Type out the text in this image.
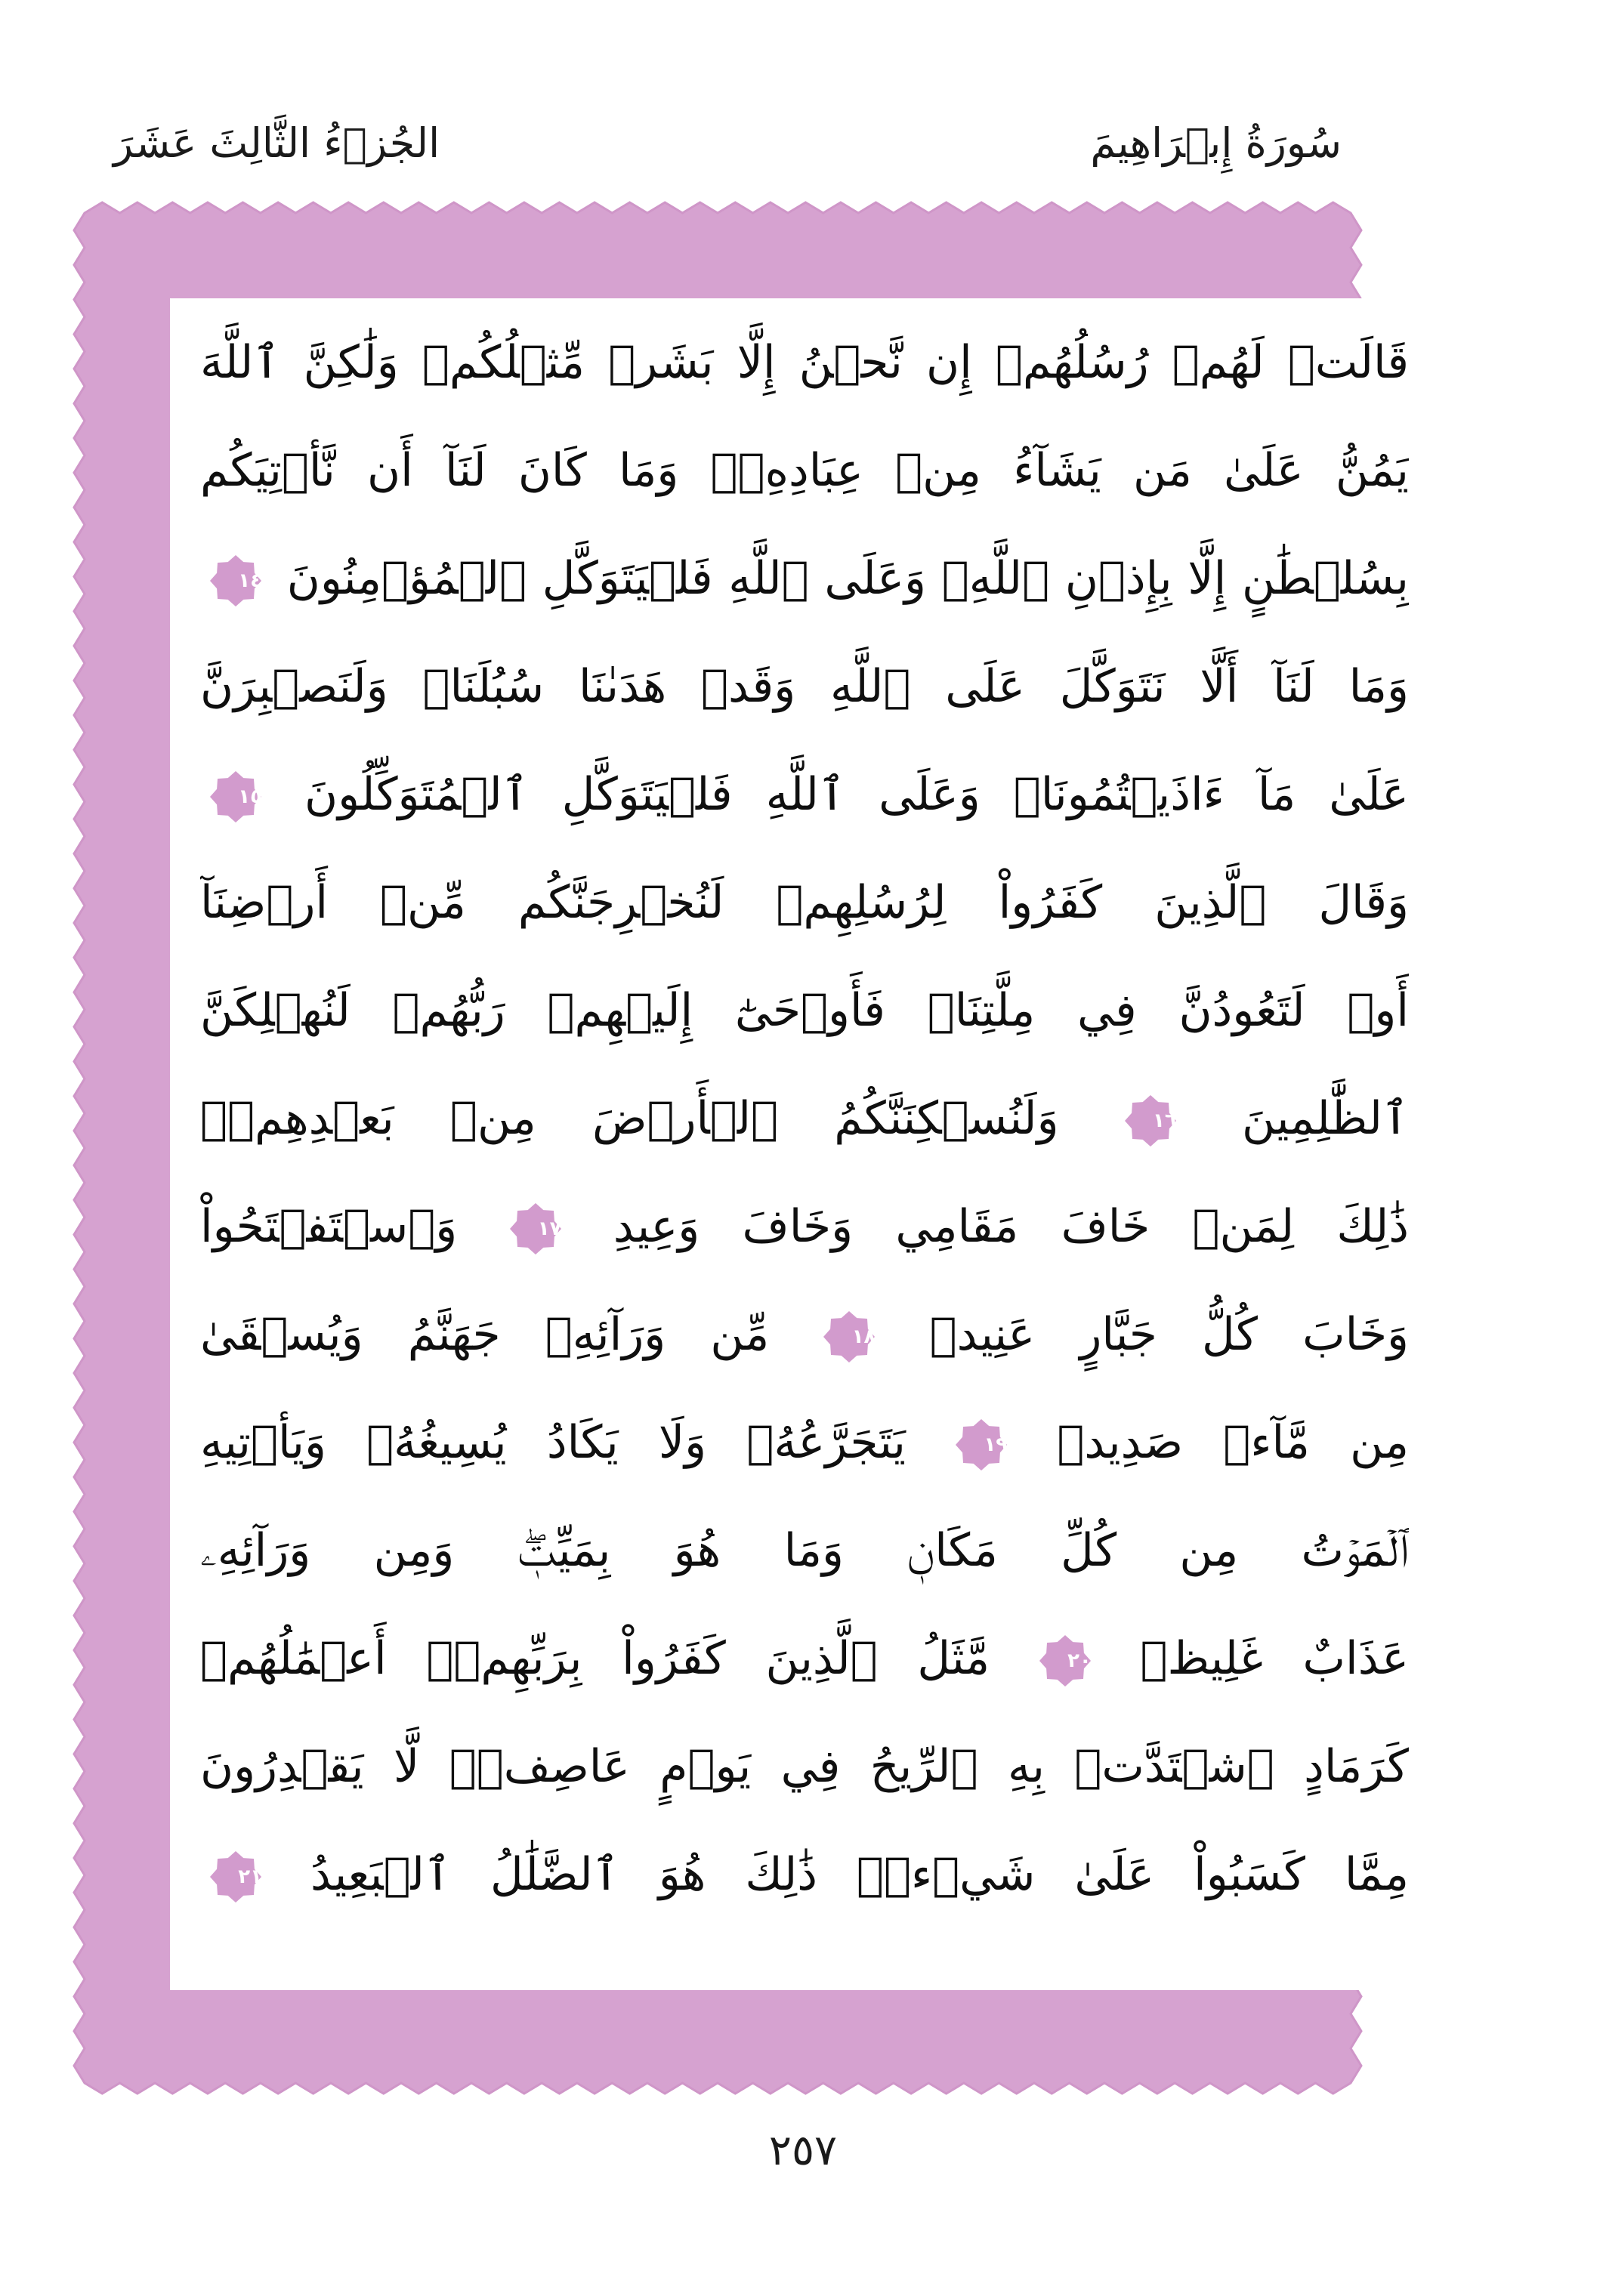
سُورَةُ إِبۡرَاهِيمَ
الجُزۡءُ الثَّالِثَ عَشَرَ
قَالَتۡ لَهُمۡ رُسُلُهُمۡ إِن نَّحۡنُ إِلَّا بَشَرٞ مِّثۡلُكُمۡ وَلَٰكِنَّ ٱللَّهَ
يَمُنُّ عَلَىٰ مَن يَشَآءُ مِنۡ عِبَادِهِۦۖ وَمَا كَانَ لَنَآ أَن نَّأۡتِيَكُم
بِسُلۡطَٰنٍ إِلَّا بِإِذۡنِ ٱللَّهِۚ وَعَلَى ٱللَّهِ فَلۡيَتَوَكَّلِ ٱلۡمُؤۡمِنُونَ
١٤
وَمَا لَنَآ أَلَّا نَتَوَكَّلَ عَلَى ٱللَّهِ وَقَدۡ هَدَىٰنَا سُبُلَنَاۚ وَلَنَصۡبِرَنَّ
عَلَىٰ مَآ ءَاذَيۡتُمُونَاۚ وَعَلَى ٱللَّهِ فَلۡيَتَوَكَّلِ ٱلۡمُتَوَكِّلُونَ
١٥
وَقَالَ ٱلَّذِينَ كَفَرُواْ لِرُسُلِهِمۡ لَنُخۡرِجَنَّكُم مِّنۡ أَرۡضِنَآ
أَوۡ لَتَعُودُنَّ فِي مِلَّتِنَاۖ فَأَوۡحَىٰٓ إِلَيۡهِمۡ رَبُّهُمۡ لَنُهۡلِكَنَّ
ٱلظَّٰلِمِينَ
١٦
وَلَنُسۡكِنَنَّكُمُ ٱلۡأَرۡضَ مِنۢ بَعۡدِهِمۡۚ
ذَٰلِكَ لِمَنۡ خَافَ مَقَامِي وَخَافَ وَعِيدِ
١٧
وَٱسۡتَفۡتَحُواْ
وَخَابَ كُلُّ جَبَّارٍ عَنِيدٖ
١٨
مِّن وَرَآئِهِۦ جَهَنَّمُ وَيُسۡقَىٰ
مِن مَّآءٖ صَدِيدٖ
١٩
يَتَجَرَّعُهُۥ وَلَا يَكَادُ يُسِيغُهُۥ وَيَأۡتِيهِ
ٱلۡمَوۡتُ مِن كُلِّ مَكَانٖ وَمَا هُوَ بِمَيِّتٖۖ وَمِن وَرَآئِهِۦ
عَذَابٌ غَلِيظٞ
٢٠
مَّثَلُ ٱلَّذِينَ كَفَرُواْ بِرَبِّهِمۡۖ أَعۡمَٰلُهُمۡ
كَرَمَادٍ ٱشۡتَدَّتۡ بِهِ ٱلرِّيحُ فِي يَوۡمٍ عَاصِفٖۖ لَّا يَقۡدِرُونَ
مِمَّا كَسَبُواْ عَلَىٰ شَيۡءٖۚ ذَٰلِكَ هُوَ ٱلضَّلَٰلُ ٱلۡبَعِيدُ
٢١
٢٥٧
